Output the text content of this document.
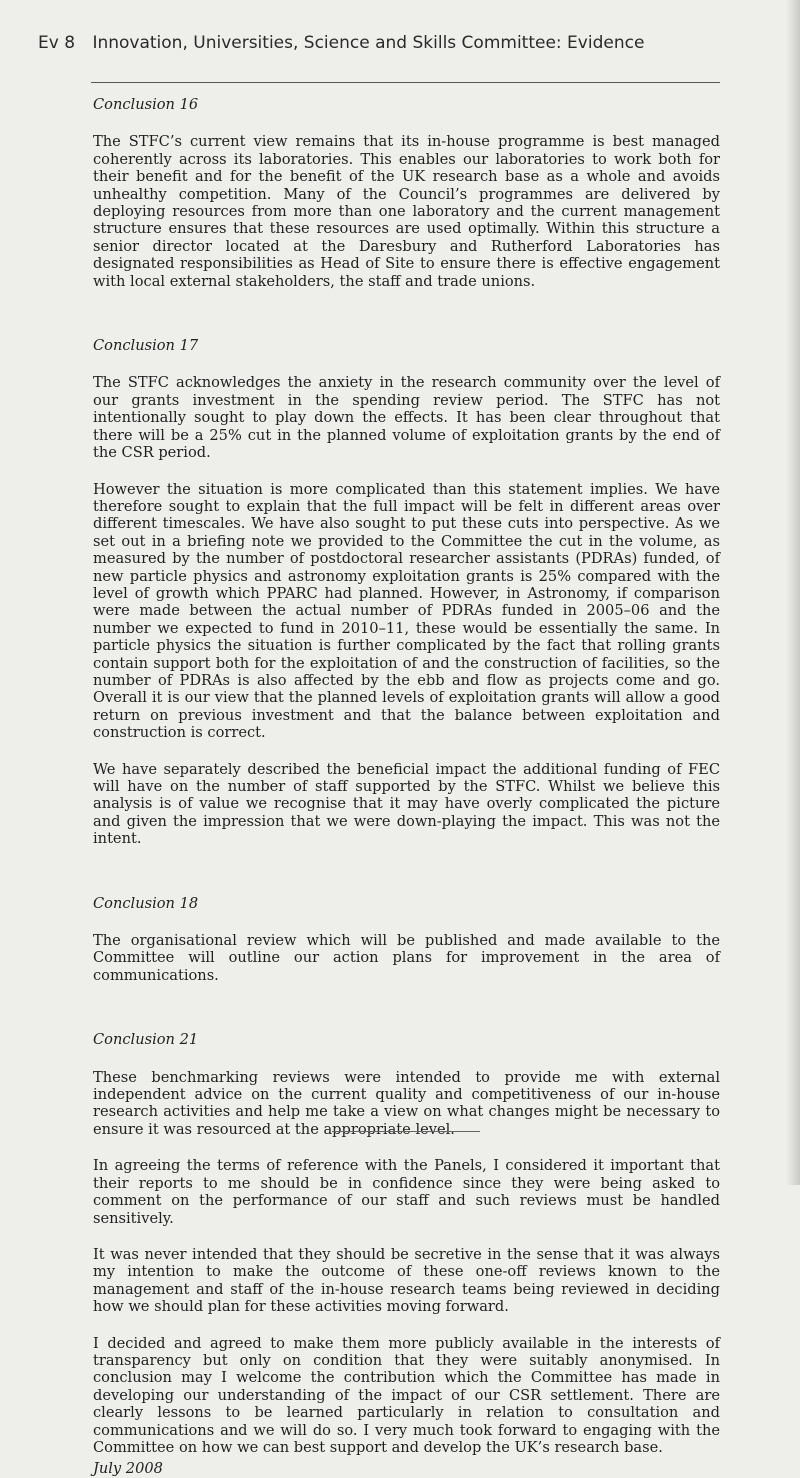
Ev 8 Innovation, Universities, Science and Skills Committee: Evidence

Conclusion 16

The STFC’s current view remains that its in-house programme is best managed coherently across its laboratories. This enables our laboratories to work both for their benefit and for the benefit of the UK research base as a whole and avoids unhealthy competition. Many of the Council’s programmes are delivered by deploying resources from more than one laboratory and the current management structure ensures that these resources are used optimally. Within this structure a senior director located at the Daresbury and Rutherford Laboratories has designated responsibilities as Head of Site to ensure there is effective engagement with local external stakeholders, the staff and trade unions.

Conclusion 17

The STFC acknowledges the anxiety in the research community over the level of our grants investment in the spending review period. The STFC has not intentionally sought to play down the effects. It has been clear throughout that there will be a 25% cut in the planned volume of exploitation grants by the end of the CSR period.

However the situation is more complicated than this statement implies. We have therefore sought to explain that the full impact will be felt in different areas over different timescales. We have also sought to put these cuts into perspective. As we set out in a briefing note we provided to the Committee the cut in the volume, as measured by the number of postdoctoral researcher assistants (PDRAs) funded, of new particle physics and astronomy exploitation grants is 25% compared with the level of growth which PPARC had planned. However, in Astronomy, if comparison were made between the actual number of PDRAs funded in 2005–06 and the number we expected to fund in 2010–11, these would be essentially the same. In particle physics the situation is further complicated by the fact that rolling grants contain support both for the exploitation of and the construction of facilities, so the number of PDRAs is also affected by the ebb and flow as projects come and go. Overall it is our view that the planned levels of exploitation grants will allow a good return on previous investment and that the balance between exploitation and construction is correct.

We have separately described the beneficial impact the additional funding of FEC will have on the number of staff supported by the STFC. Whilst we believe this analysis is of value we recognise that it may have overly complicated the picture and given the impression that we were down-playing the impact. This was not the intent.

Conclusion 18

The organisational review which will be published and made available to the Committee will outline our action plans for improvement in the area of communications.

Conclusion 21

These benchmarking reviews were intended to provide me with external independent advice on the current quality and competitiveness of our in-house research activities and help me take a view on what changes might be necessary to ensure it was resourced at the appropriate level.

In agreeing the terms of reference with the Panels, I considered it important that their reports to me should be in confidence since they were being asked to comment on the performance of our staff and such reviews must be handled sensitively.

It was never intended that they should be secretive in the sense that it was always my intention to make the outcome of these one-off reviews known to the management and staff of the in-house research teams being reviewed in deciding how we should plan for these activities moving forward.

I decided and agreed to make them more publicly available in the interests of transparency but only on condition that they were suitably anonymised. In conclusion may I welcome the contribution which the Committee has made in developing our understanding of the impact of our CSR settlement. There are clearly lessons to be learned particularly in relation to consultation and communications and we will do so. I very much took forward to engaging with the Committee on how we can best support and develop the UK’s research base.

July 2008
